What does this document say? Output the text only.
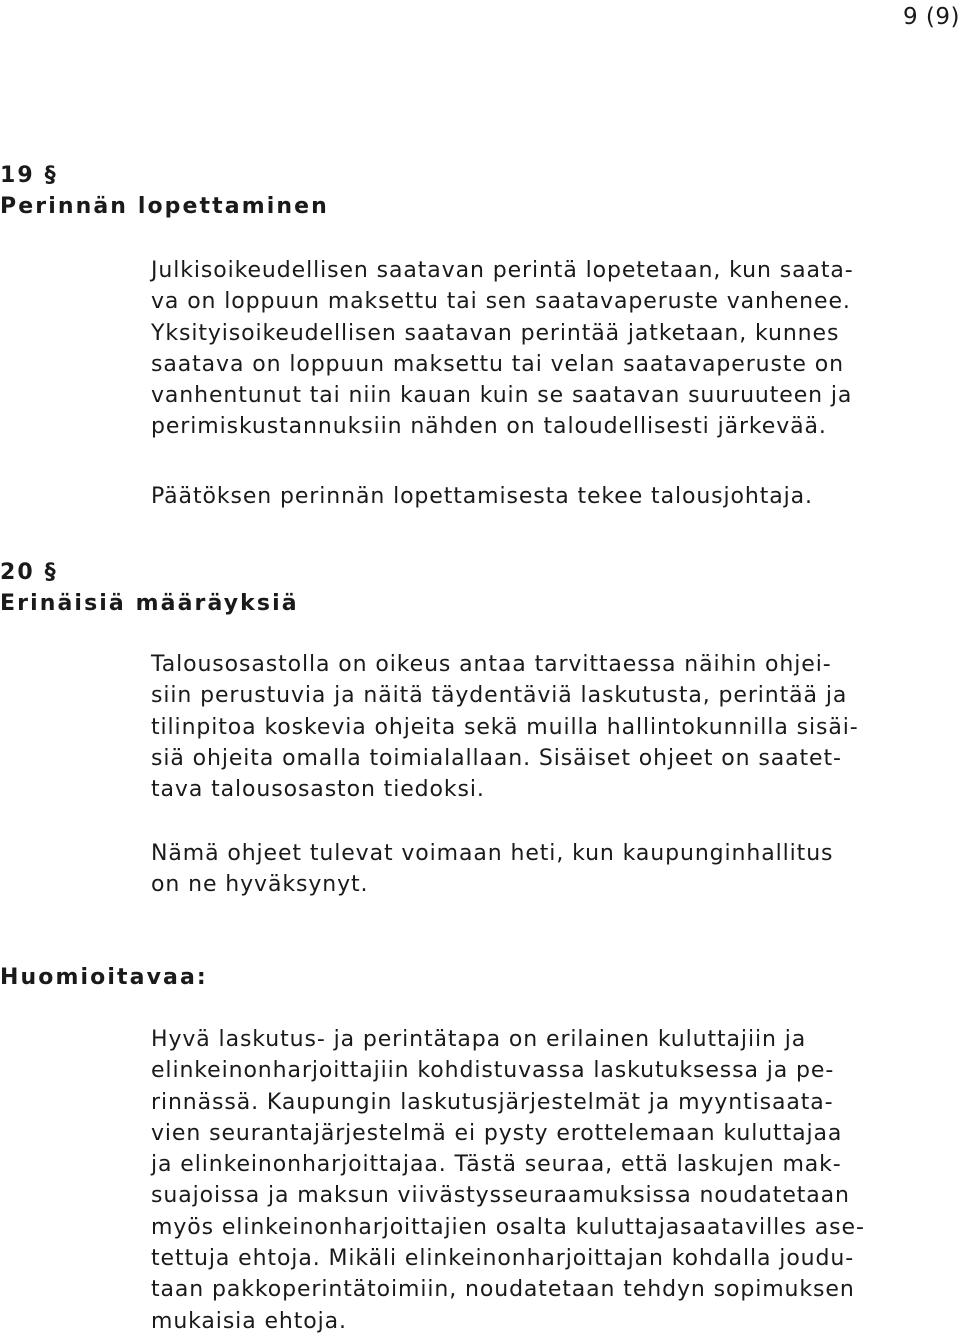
9 (9)
19 §
Perinnän lopettaminen
Julkisoikeudellisen saatavan perintä lopetetaan, kun saata-
va on loppuun maksettu tai sen saatavaperuste vanhenee.
Yksityisoikeudellisen saatavan perintää jatketaan, kunnes
saatava on loppuun maksettu tai velan saatavaperuste on
vanhentunut tai niin kauan kuin se saatavan suuruuteen ja
perimiskustannuksiin nähden on taloudellisesti järkevää.
Päätöksen perinnän lopettamisesta tekee talousjohtaja.
20 §
Erinäisiä määräyksiä
Talousosastolla on oikeus antaa tarvittaessa näihin ohjei-
siin perustuvia ja näitä täydentäviä laskutusta, perintää ja
tilinpitoa koskevia ohjeita sekä muilla hallintokunnilla sisäi-
siä ohjeita omalla toimialallaan. Sisäiset ohjeet on saatet-
tava talousosaston tiedoksi.
Nämä ohjeet tulevat voimaan heti, kun kaupunginhallitus
on ne hyväksynyt.
Huomioitavaa:
Hyvä laskutus- ja perintätapa on erilainen kuluttajiin ja
elinkeinonharjoittajiin kohdistuvassa laskutuksessa ja pe-
rinnässä. Kaupungin laskutusjärjestelmät ja myyntisaata-
vien seurantajärjestelmä ei pysty erottelemaan kuluttajaa
ja elinkeinonharjoittajaa. Tästä seuraa, että laskujen mak-
suajoissa ja maksun viivästysseuraamuksissa noudatetaan
myös elinkeinonharjoittajien osalta kuluttajasaatavilles ase-
tettuja ehtoja. Mikäli elinkeinonharjoittajan kohdalla joudu-
taan pakkoperintätoimiin, noudatetaan tehdyn sopimuksen
mukaisia ehtoja.
